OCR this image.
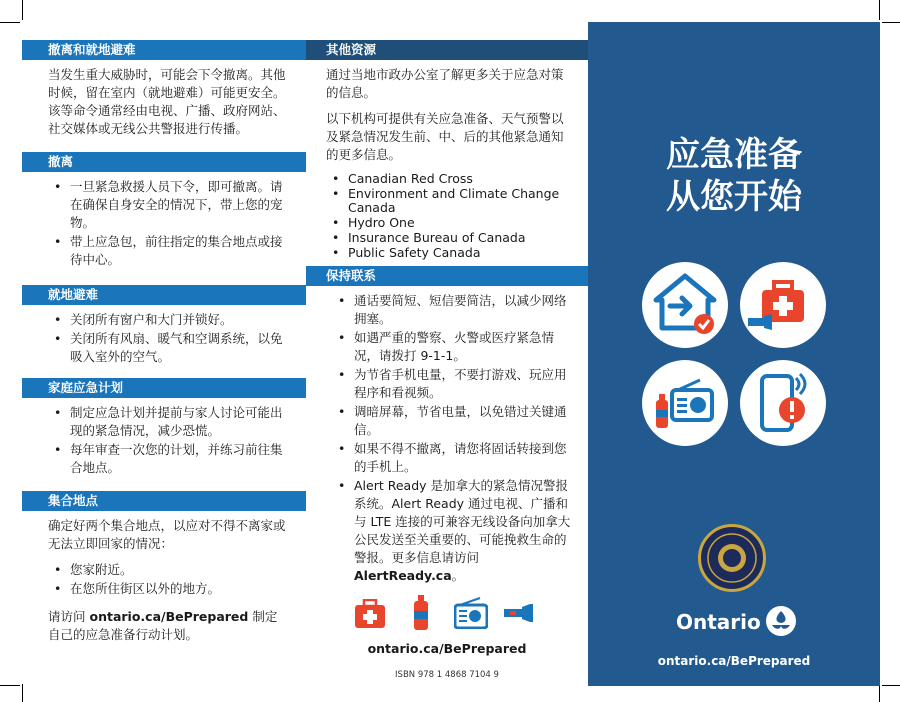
撤离和就地避难

当发生重大威胁时，可能会下令撤离。其他时候，留在室内（就地避难）可能更安全。该等命令通常经由电视、广播、政府网站、社交媒体或无线公共警报进行传播。

撤离
• 一旦紧急救援人员下令，即可撤离。请在确保自身安全的情况下，带上您的宠物。
• 带上应急包，前往指定的集合地点或接待中心。
就地避难
• 关闭所有窗户和大门并锁好。
• 关闭所有风扇、暖气和空调系统，以免吸入室外的空气。
家庭应急计划
• 制定应急计划并提前与家人讨论可能出现的紧急情况，减少恐慌。
• 每年审查一次您的计划，并练习前往集合地点。
集合地点

确定好两个集合地点，以应对不得不离家或无法立即回家的情况：

• 您家附近。
• 在您所住街区以外的地方。

请访问 ontario.ca/BePrepared 制定自己的应急准备行动计划。

其他资源

通过当地市政办公室了解更多关于应急对策的信息。

以下机构可提供有关应急准备、天气预警以及紧急情况发生前、中、后的其他紧急通知的更多信息。

• Canadian Red Cross
• Environment and Climate Change Canada
• Hydro One
• Insurance Bureau of Canada
• Public Safety Canada
保持联系
• 通话要简短、短信要简洁，以减少网络拥塞。
• 如遇严重的警察、火警或医疗紧急情况，请拨打 9-1-1。
• 为节省手机电量，不要打游戏、玩应用程序和看视频。
• 调暗屏幕，节省电量，以免错过关键通信。
• 如果不得不撤离，请您将固话转接到您的手机上。
• Alert Ready 是加拿大的紧急情况警报系统。Alert Ready 通过电视、广播和与 LTE 连接的可兼容无线设备向加拿大公民发送至关重要的、可能挽救生命的警报。更多信息请访问 AlertReady.ca。
ontario.ca/BePrepared
ISBN 978 1 4868 7104 9
应急准备
从您开始
Ontario
ontario.ca/BePrepared
